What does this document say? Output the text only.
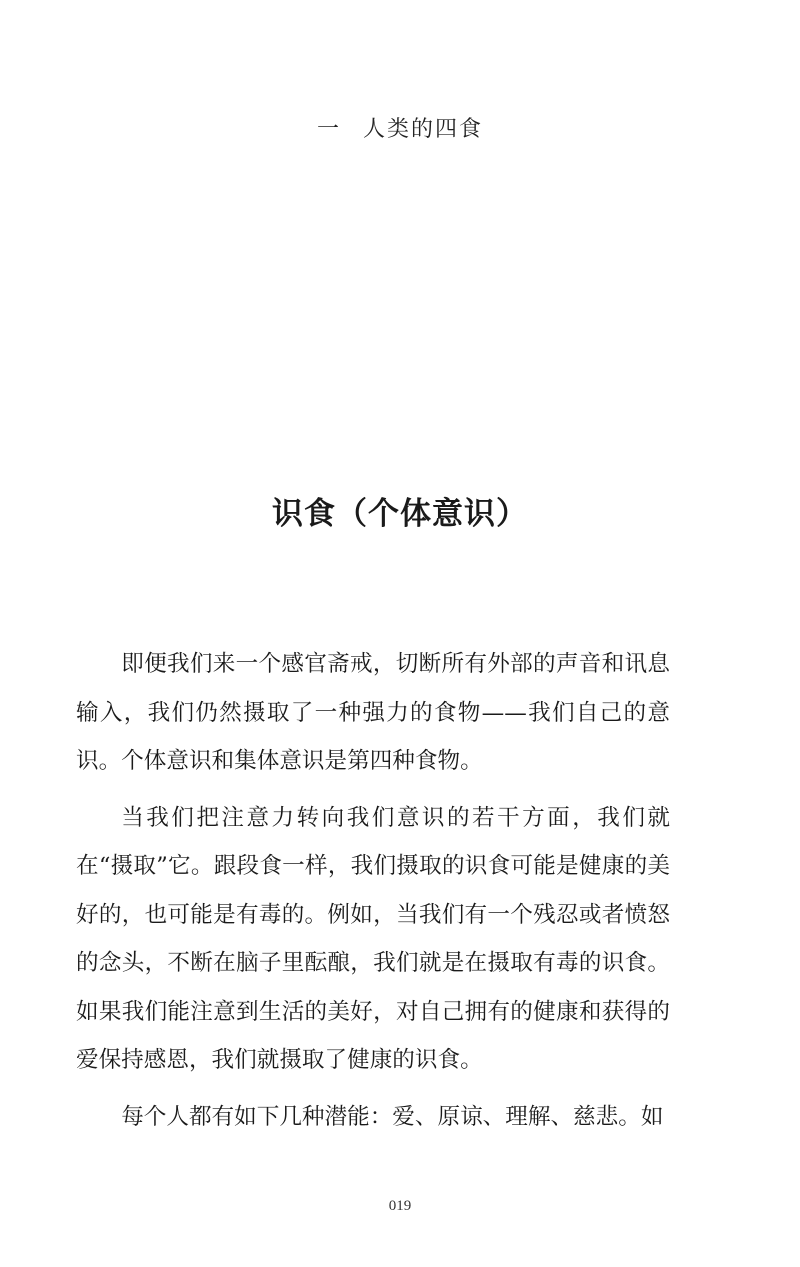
一 人类的四食
识食（个体意识）

即便我们来一个感官斋戒，切断所有外部的声音和讯息输入，我们仍然摄取了一种强力的食物——我们自己的意识。个体意识和集体意识是第四种食物。

当我们把注意力转向我们意识的若干方面，我们就在“摄取”它。跟段食一样，我们摄取的识食可能是健康的美好的，也可能是有毒的。例如，当我们有一个残忍或者愤怒的念头，不断在脑子里酝酿，我们就是在摄取有毒的识食。如果我们能注意到生活的美好，对自己拥有的健康和获得的爱保持感恩，我们就摄取了健康的识食。

每个人都有如下几种潜能：爱、原谅、理解、慈悲。如

019
